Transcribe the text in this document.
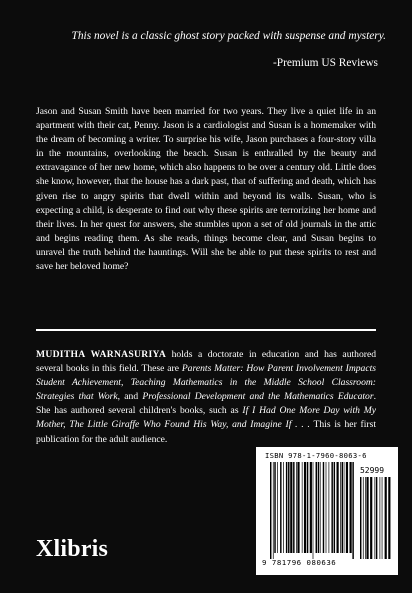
This novel is a classic ghost story packed with suspense and mystery.
-Premium US Reviews

Jason and Susan Smith have been married for two years. They live a quiet life in an apartment with their cat, Penny. Jason is a cardiologist and Susan is a homemaker with the dream of becoming a writer. To surprise his wife, Jason purchases a four-story villa in the mountains, overlooking the beach. Susan is enthralled by the beauty and extravagance of her new home, which also happens to be over a century old. Little does she know, however, that the house has a dark past, that of suffering and death, which has given rise to angry spirits that dwell within and beyond its walls. Susan, who is expecting a child, is desperate to find out why these spirits are terrorizing her home and their lives. In her quest for answers, she stumbles upon a set of old journals in the attic and begins reading them. As she reads, things become clear, and Susan begins to unravel the truth behind the hauntings. Will she be able to put these spirits to rest and save her beloved home?

MUDITHA WARNASURIYA holds a doctorate in education and has authored several books in this field. These are Parents Matter: How Parent Involvement Impacts Student Achievement, Teaching Mathematics in the Middle School Classroom: Strategies that Work, and Professional Development and the Mathematics Educator. She has authored several children's books, such as If I Had One More Day with My Mother, The Little Giraffe Who Found His Way, and Imagine If . . . This is her first publication for the adult audience.

Xlibris
ISBN 978-1-7960-8063-6
52999
9 781796 080636
